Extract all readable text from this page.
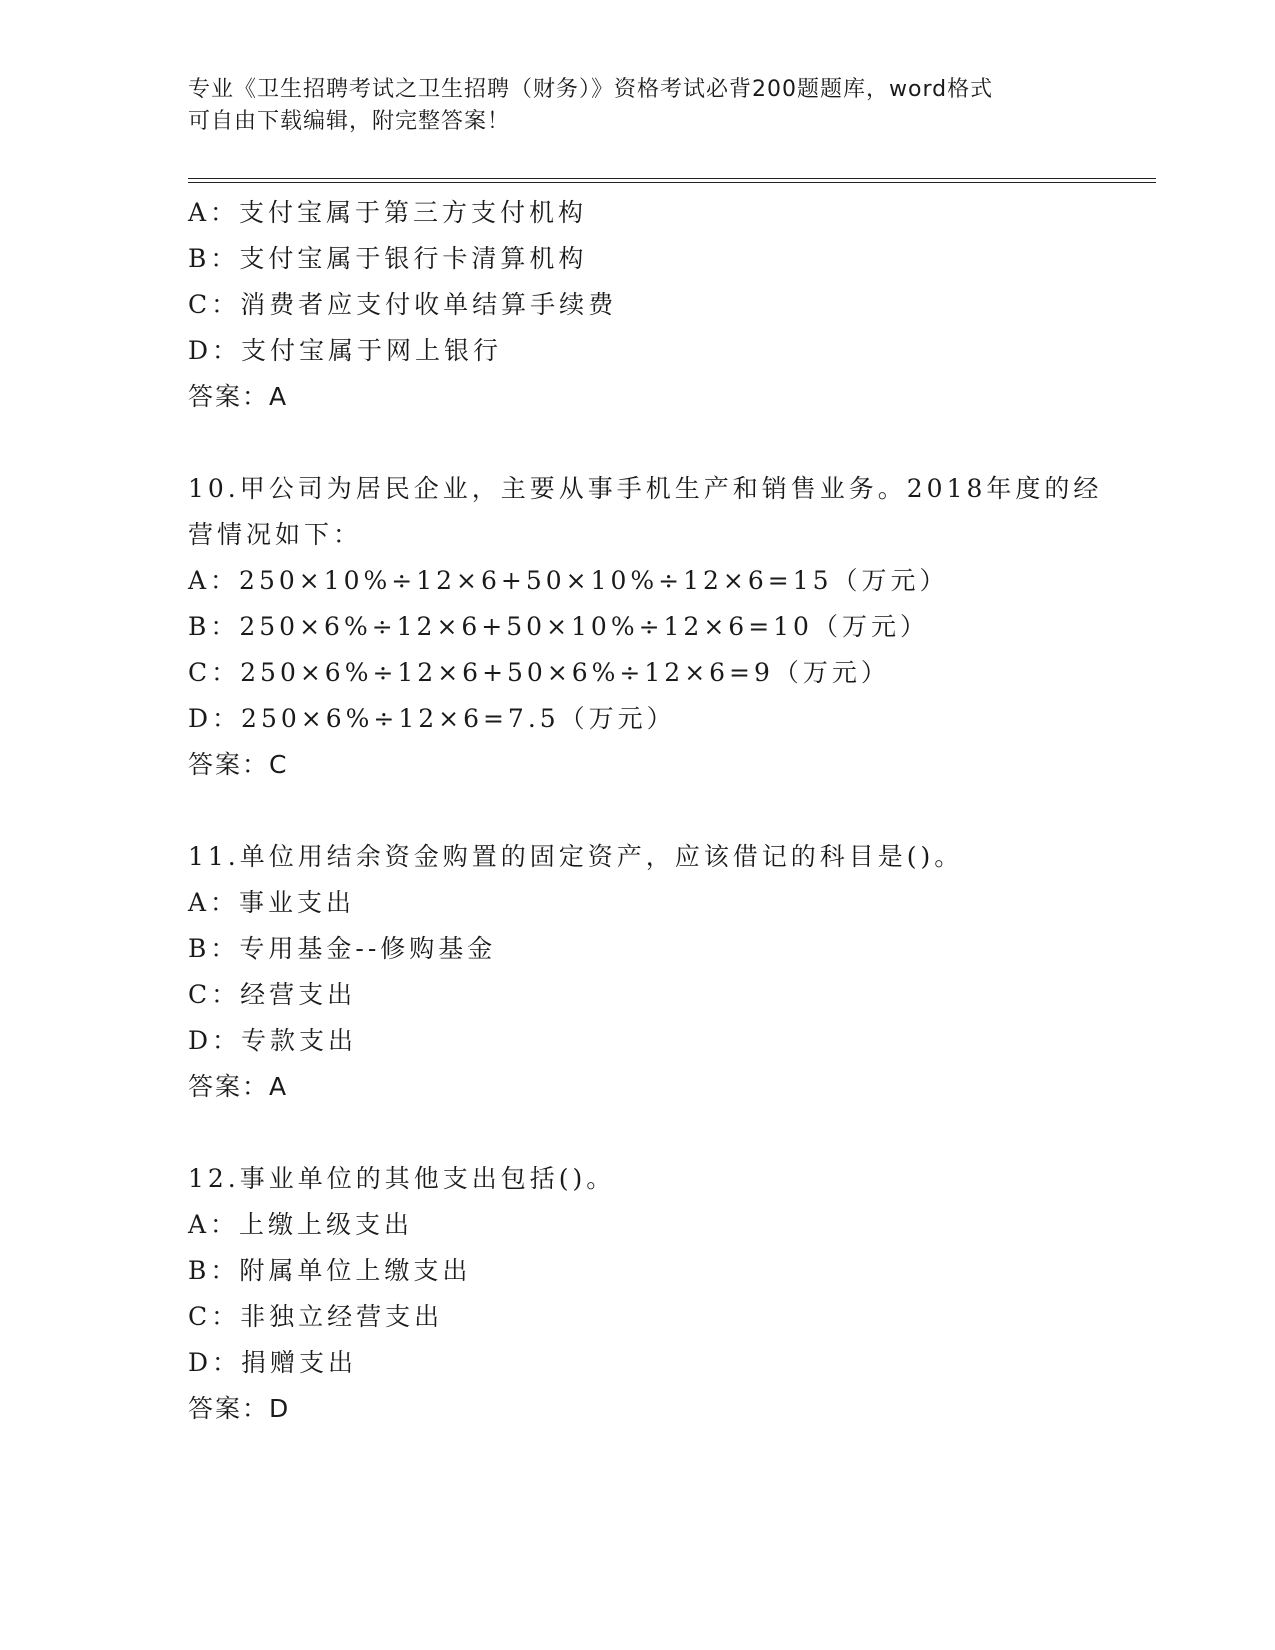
专业《卫生招聘考试之卫生招聘（财务）》资格考试必背200题题库，word格式
可自由下载编辑，附完整答案！
A：支付宝属于第三方支付机构
B：支付宝属于银行卡清算机构
C：消费者应支付收单结算手续费
D：支付宝属于网上银行
答案：A
10.甲公司为居民企业，主要从事手机生产和销售业务。2018年度的经
营情况如下：
A：250×10%÷12×6+50×10%÷12×6=15（万元）
B：250×6%÷12×6+50×10%÷12×6=10（万元）
C：250×6%÷12×6+50×6%÷12×6=9（万元）
D：250×6%÷12×6=7.5（万元）
答案：C
11.单位用结余资金购置的固定资产，应该借记的科目是()。
A：事业支出
B：专用基金--修购基金
C：经营支出
D：专款支出
答案：A
12.事业单位的其他支出包括()。
A：上缴上级支出
B：附属单位上缴支出
C：非独立经营支出
D：捐赠支出
答案：D
